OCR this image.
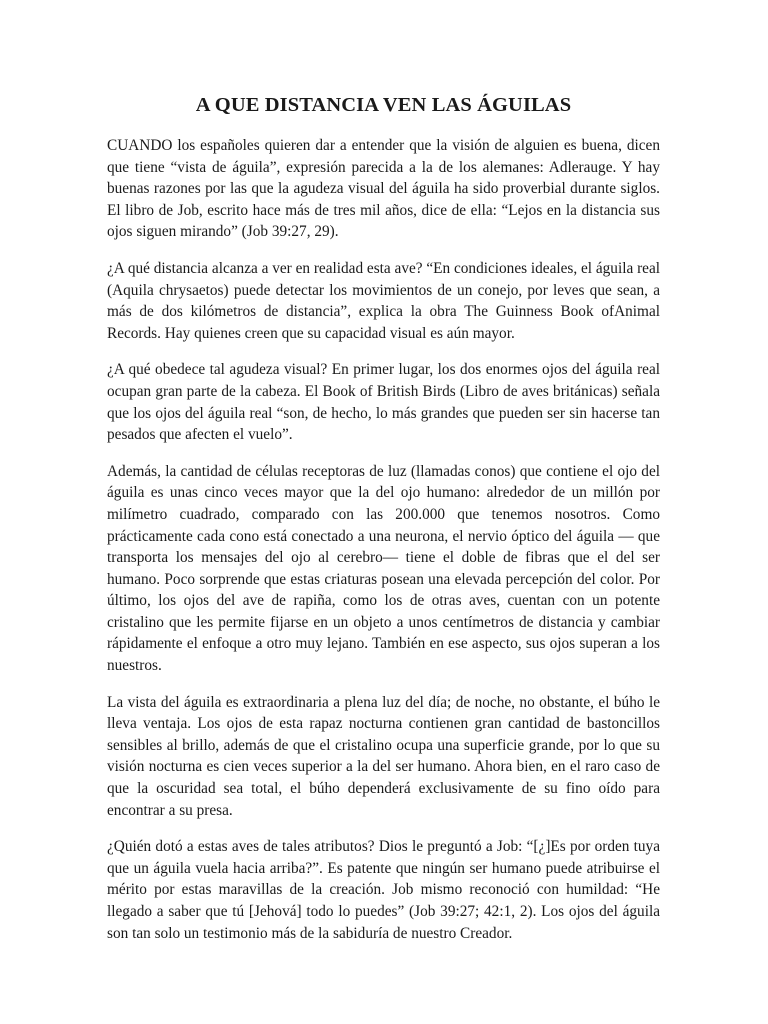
A QUE DISTANCIA VEN LAS ÁGUILAS

CUANDO los españoles quieren dar a entender que la visión de alguien es buena, dicen que tiene “vista de águila”, expresión parecida a la de los alemanes: Adlerauge. Y hay buenas razones por las que la agudeza visual del águila ha sido proverbial durante siglos. El libro de Job, escrito hace más de tres mil años, dice de ella: “Lejos en la distancia sus ojos siguen mirando” (Job 39:27, 29).

¿A qué distancia alcanza a ver en realidad esta ave? “En condiciones ideales, el águila real (Aquila chrysaetos) puede detectar los movimientos de un conejo, por leves que sean, a más de dos kilómetros de distancia”, explica la obra The Guinness Book ofAnimal Records. Hay quienes creen que su capacidad visual es aún mayor.

¿A qué obedece tal agudeza visual? En primer lugar, los dos enormes ojos del águila real ocupan gran parte de la cabeza. El Book of British Birds (Libro de aves británicas) señala que los ojos del águila real “son, de hecho, lo más grandes que pueden ser sin hacerse tan pesados que afecten el vuelo”.

Además, la cantidad de células receptoras de luz (llamadas conos) que contiene el ojo del águila es unas cinco veces mayor que la del ojo humano: alrededor de un millón por milímetro cuadrado, comparado con las 200.000 que tenemos nosotros. Como prácticamente cada cono está conectado a una neurona, el nervio óptico del águila — que transporta los mensajes del ojo al cerebro— tiene el doble de fibras que el del ser humano. Poco sorprende que estas criaturas posean una elevada percepción del color. Por último, los ojos del ave de rapiña, como los de otras aves, cuentan con un potente cristalino que les permite fijarse en un objeto a unos centímetros de distancia y cambiar rápidamente el enfoque a otro muy lejano. También en ese aspecto, sus ojos superan a los nuestros.

La vista del águila es extraordinaria a plena luz del día; de noche, no obstante, el búho le lleva ventaja. Los ojos de esta rapaz nocturna contienen gran cantidad de bastoncillos sensibles al brillo, además de que el cristalino ocupa una superficie grande, por lo que su visión nocturna es cien veces superior a la del ser humano. Ahora bien, en el raro caso de que la oscuridad sea total, el búho dependerá exclusivamente de su fino oído para encontrar a su presa.

¿Quién dotó a estas aves de tales atributos? Dios le preguntó a Job: “[¿]Es por orden tuya que un águila vuela hacia arriba?”. Es patente que ningún ser humano puede atribuirse el mérito por estas maravillas de la creación. Job mismo reconoció con humildad: “He llegado a saber que tú [Jehová] todo lo puedes” (Job 39:27; 42:1, 2). Los ojos del águila son tan solo un testimonio más de la sabiduría de nuestro Creador.
